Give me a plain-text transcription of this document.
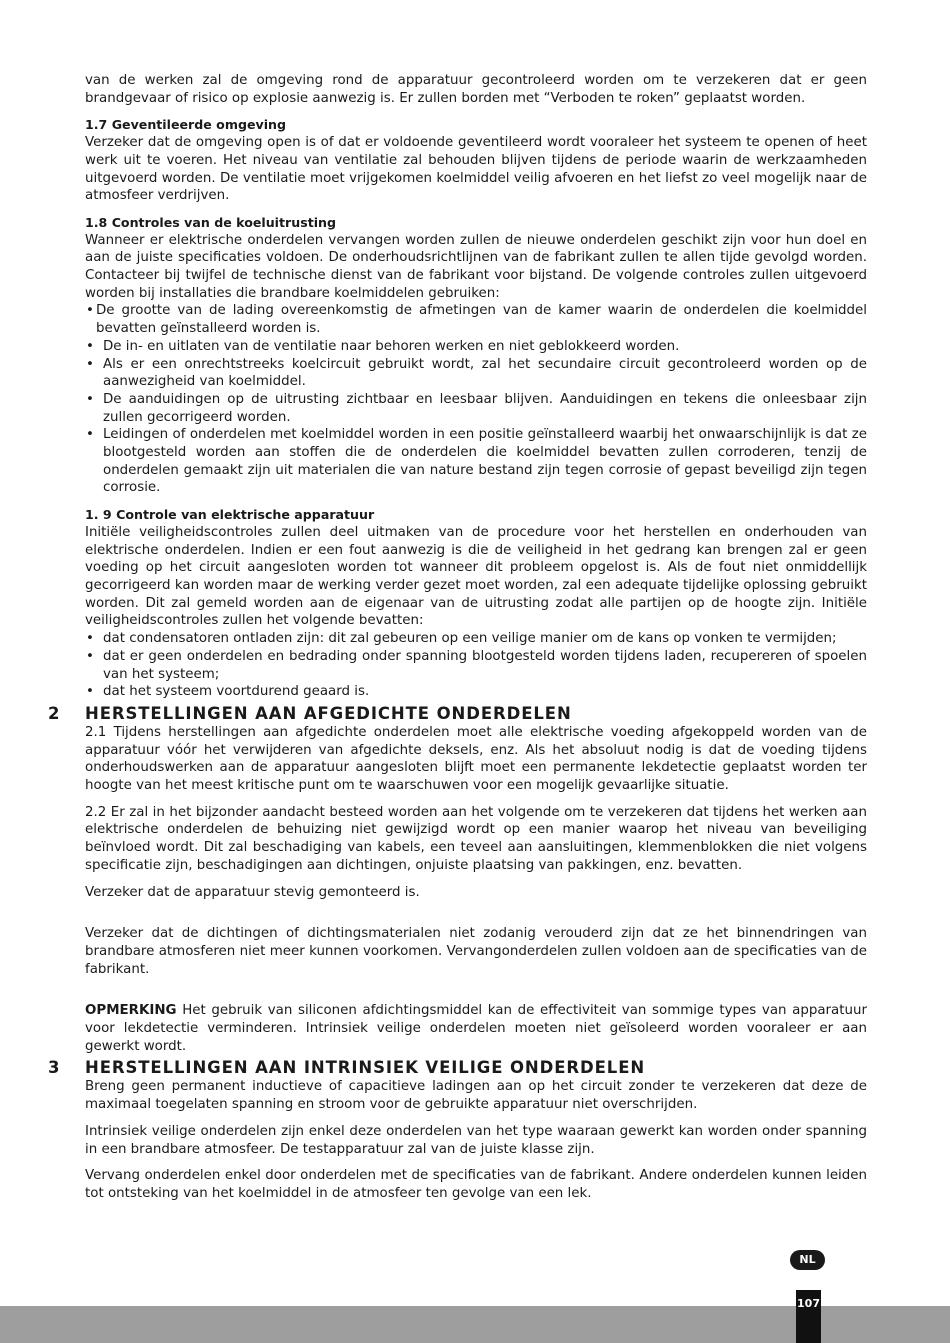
van de werken zal de omgeving rond de apparatuur gecontroleerd worden om te verzekeren dat er geen brandgevaar of risico op explosie aanwezig is. Er zullen borden met “Verboden te roken” geplaatst worden.

1.7 Geventileerde omgeving

Verzeker dat de omgeving open is of dat er voldoende geventileerd wordt vooraleer het systeem te openen of heet werk uit te voeren. Het niveau van ventilatie zal behouden blijven tijdens de periode waarin de werkzaamheden uitgevoerd worden. De ventilatie moet vrijgekomen koelmiddel veilig afvoeren en het liefst zo veel mogelijk naar de atmosfeer verdrijven.

1.8 Controles van de koeluitrusting

Wanneer er elektrische onderdelen vervangen worden zullen de nieuwe onderdelen geschikt zijn voor hun doel en aan de juiste specificaties voldoen. De onderhoudsrichtlijnen van de fabrikant zullen te allen tijde gevolgd worden. Contacteer bij twijfel de technische dienst van de fabrikant voor bijstand. De volgende controles zullen uitgevoerd worden bij installaties die brandbare koelmiddelen gebruiken:

• De grootte van de lading overeenkomstig de afmetingen van de kamer waarin de onderdelen die koelmiddel bevatten geïnstalleerd worden is.
• De in- en uitlaten van de ventilatie naar behoren werken en niet geblokkeerd worden.
• Als er een onrechtstreeks koelcircuit gebruikt wordt, zal het secundaire circuit gecontroleerd worden op de aanwezigheid van koelmiddel.
• De aanduidingen op de uitrusting zichtbaar en leesbaar blijven. Aanduidingen en tekens die onleesbaar zijn zullen gecorrigeerd worden.
• Leidingen of onderdelen met koelmiddel worden in een positie geïnstalleerd waarbij het onwaarschijnlijk is dat ze blootgesteld worden aan stoffen die de onderdelen die koelmiddel bevatten zullen corroderen, tenzij de onderdelen gemaakt zijn uit materialen die van nature bestand zijn tegen corrosie of gepast beveiligd zijn tegen corrosie.

1. 9 Controle van elektrische apparatuur

Initiële veiligheidscontroles zullen deel uitmaken van de procedure voor het herstellen en onderhouden van elektrische onderdelen. Indien er een fout aanwezig is die de veiligheid in het gedrang kan brengen zal er geen voeding op het circuit aangesloten worden tot wanneer dit probleem opgelost is. Als de fout niet onmiddellijk gecorrigeerd kan worden maar de werking verder gezet moet worden, zal een adequate tijdelijke oplossing gebruikt worden. Dit zal gemeld worden aan de eigenaar van de uitrusting zodat alle partijen op de hoogte zijn. Initiële veiligheidscontroles zullen het volgende bevatten:

• dat condensatoren ontladen zijn: dit zal gebeuren op een veilige manier om de kans op vonken te vermijden;
• dat er geen onderdelen en bedrading onder spanning blootgesteld worden tijdens laden, recupereren of spoelen van het systeem;
• dat het systeem voortdurend geaard is.
2 HERSTELLINGEN AAN AFGEDICHTE ONDERDELEN

2.1 Tijdens herstellingen aan afgedichte onderdelen moet alle elektrische voeding afgekoppeld worden van de apparatuur vóór het verwijderen van afgedichte deksels, enz. Als het absoluut nodig is dat de voeding tijdens onderhoudswerken aan de apparatuur aangesloten blijft moet een permanente lekdetectie geplaatst worden ter hoogte van het meest kritische punt om te waarschuwen voor een mogelijk gevaarlijke situatie.

2.2 Er zal in het bijzonder aandacht besteed worden aan het volgende om te verzekeren dat tijdens het werken aan elektrische onderdelen de behuizing niet gewijzigd wordt op een manier waarop het niveau van beveiliging beïnvloed wordt. Dit zal beschadiging van kabels, een teveel aan aansluitingen, klemmenblokken die niet volgens specificatie zijn, beschadigingen aan dichtingen, onjuiste plaatsing van pakkingen, enz. bevatten.

Verzeker dat de apparatuur stevig gemonteerd is.

Verzeker dat de dichtingen of dichtingsmaterialen niet zodanig verouderd zijn dat ze het binnendringen van brandbare atmosferen niet meer kunnen voorkomen. Vervangonderdelen zullen voldoen aan de specificaties van de fabrikant.

OPMERKING Het gebruik van siliconen afdichtingsmiddel kan de effectiviteit van sommige types van apparatuur voor lekdetectie verminderen. Intrinsiek veilige onderdelen moeten niet geïsoleerd worden vooraleer er aan gewerkt wordt.

3 HERSTELLINGEN AAN INTRINSIEK VEILIGE ONDERDELEN

Breng geen permanent inductieve of capacitieve ladingen aan op het circuit zonder te verzekeren dat deze de maximaal toegelaten spanning en stroom voor de gebruikte apparatuur niet overschrijden.

Intrinsiek veilige onderdelen zijn enkel deze onderdelen van het type waaraan gewerkt kan worden onder spanning in een brandbare atmosfeer. De testapparatuur zal van de juiste klasse zijn.

Vervang onderdelen enkel door onderdelen met de specificaties van de fabrikant. Andere onderdelen kunnen leiden tot ontsteking van het koelmiddel in de atmosfeer ten gevolge van een lek.

NL
107
